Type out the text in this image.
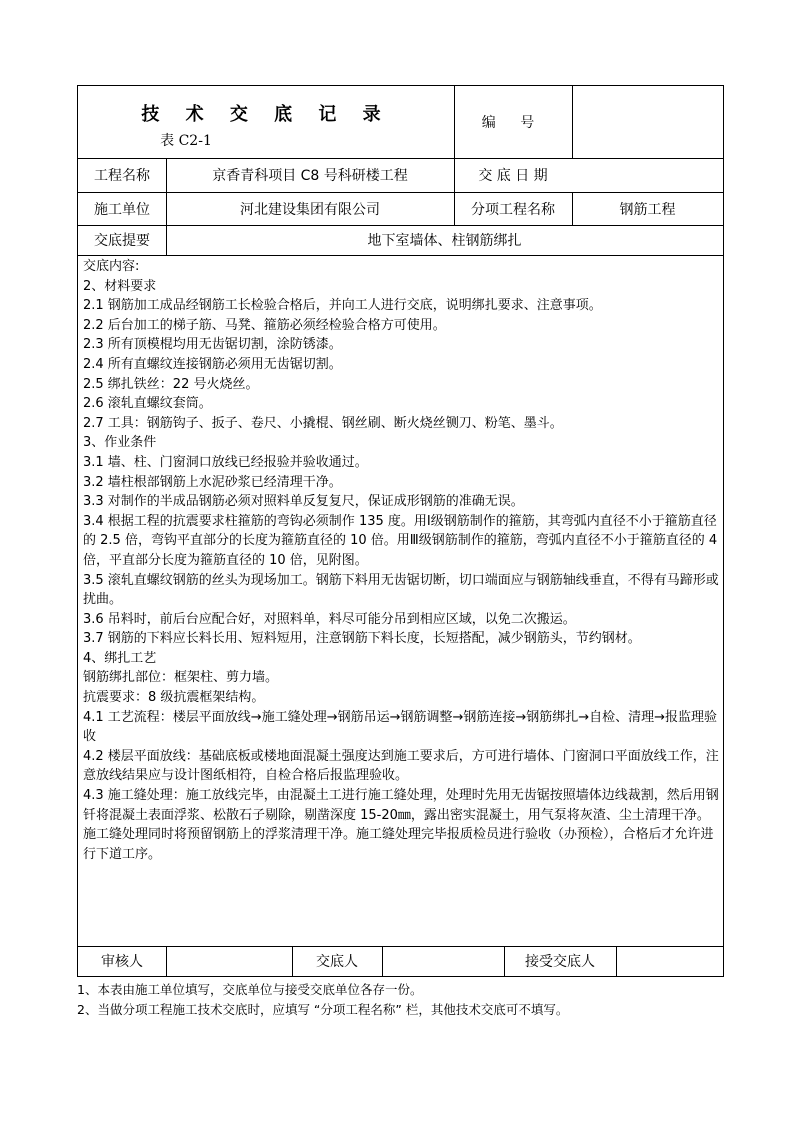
技 术 交 底 记 录
表 C2-1
编 号
工程名称	京香青科项目 C8 号科研楼工程	交 底 日 期
施工单位	河北建设集团有限公司	分项工程名称	钢筋工程
交底提要	地下室墙体、柱钢筋绑扎
交底内容:
2、材料要求
2.1 钢筋加工成品经钢筋工长检验合格后，并向工人进行交底，说明绑扎要求、注意事项。
2.2 后台加工的梯子筋、马凳、箍筋必须经检验合格方可使用。
2.3 所有顶模棍均用无齿锯切割，涂防锈漆。
2.4 所有直螺纹连接钢筋必须用无齿锯切割。
2.5 绑扎铁丝：22 号火烧丝。
2.6 滚轧直螺纹套筒。
2.7 工具：钢筋钩子、扳子、卷尺、小撬棍、钢丝刷、断火烧丝铡刀、粉笔、墨斗。
3、作业条件
3.1 墙、柱、门窗洞口放线已经报验并验收通过。
3.2 墙柱根部钢筋上水泥砂浆已经清理干净。
3.3 对制作的半成品钢筋必须对照料单反复复尺，保证成形钢筋的准确无误。
3.4 根据工程的抗震要求柱箍筋的弯钩必须制作 135 度。用Ⅰ级钢筋制作的箍筋，其弯弧内直径不小于箍筋直径的 2.5 倍，弯钩平直部分的长度为箍筋直径的 10 倍。用Ⅲ级钢筋制作的箍筋，弯弧内直径不小于箍筋直径的 4 倍，平直部分长度为箍筋直径的 10 倍，见附图。
3.5 滚轧直螺纹钢筋的丝头为现场加工。钢筋下料用无齿锯切断，切口端面应与钢筋轴线垂直，不得有马蹄形或扰曲。
3.6 吊料时，前后台应配合好，对照料单，料尽可能分吊到相应区域，以免二次搬运。
3.7 钢筋的下料应长料长用、短料短用，注意钢筋下料长度，长短搭配，减少钢筋头，节约钢材。
4、绑扎工艺
钢筋绑扎部位：框架柱、剪力墙。
抗震要求：8 级抗震框架结构。
4.1 工艺流程：楼层平面放线→施工缝处理→钢筋吊运→钢筋调整→钢筋连接→钢筋绑扎→自检、清理→报监理验收
4.2 楼层平面放线：基础底板或楼地面混凝土强度达到施工要求后，方可进行墙体、门窗洞口平面放线工作，注意放线结果应与设计图纸相符，自检合格后报监理验收。
4.3 施工缝处理：施工放线完毕，由混凝土工进行施工缝处理，处理时先用无齿锯按照墙体边线裁割，然后用钢钎将混凝土表面浮浆、松散石子剔除，剔凿深度 15-20㎜，露出密实混凝土，用气泵将灰渣、尘土清理干净。施工缝处理同时将预留钢筋上的浮浆清理干净。施工缝处理完毕报质检员进行验收（办预检），合格后才允许进行下道工序。
审核人	交底人	接受交底人
1、本表由施工单位填写，交底单位与接受交底单位各存一份。
2、当做分项工程施工技术交底时，应填写 “分项工程名称” 栏，其他技术交底可不填写。
